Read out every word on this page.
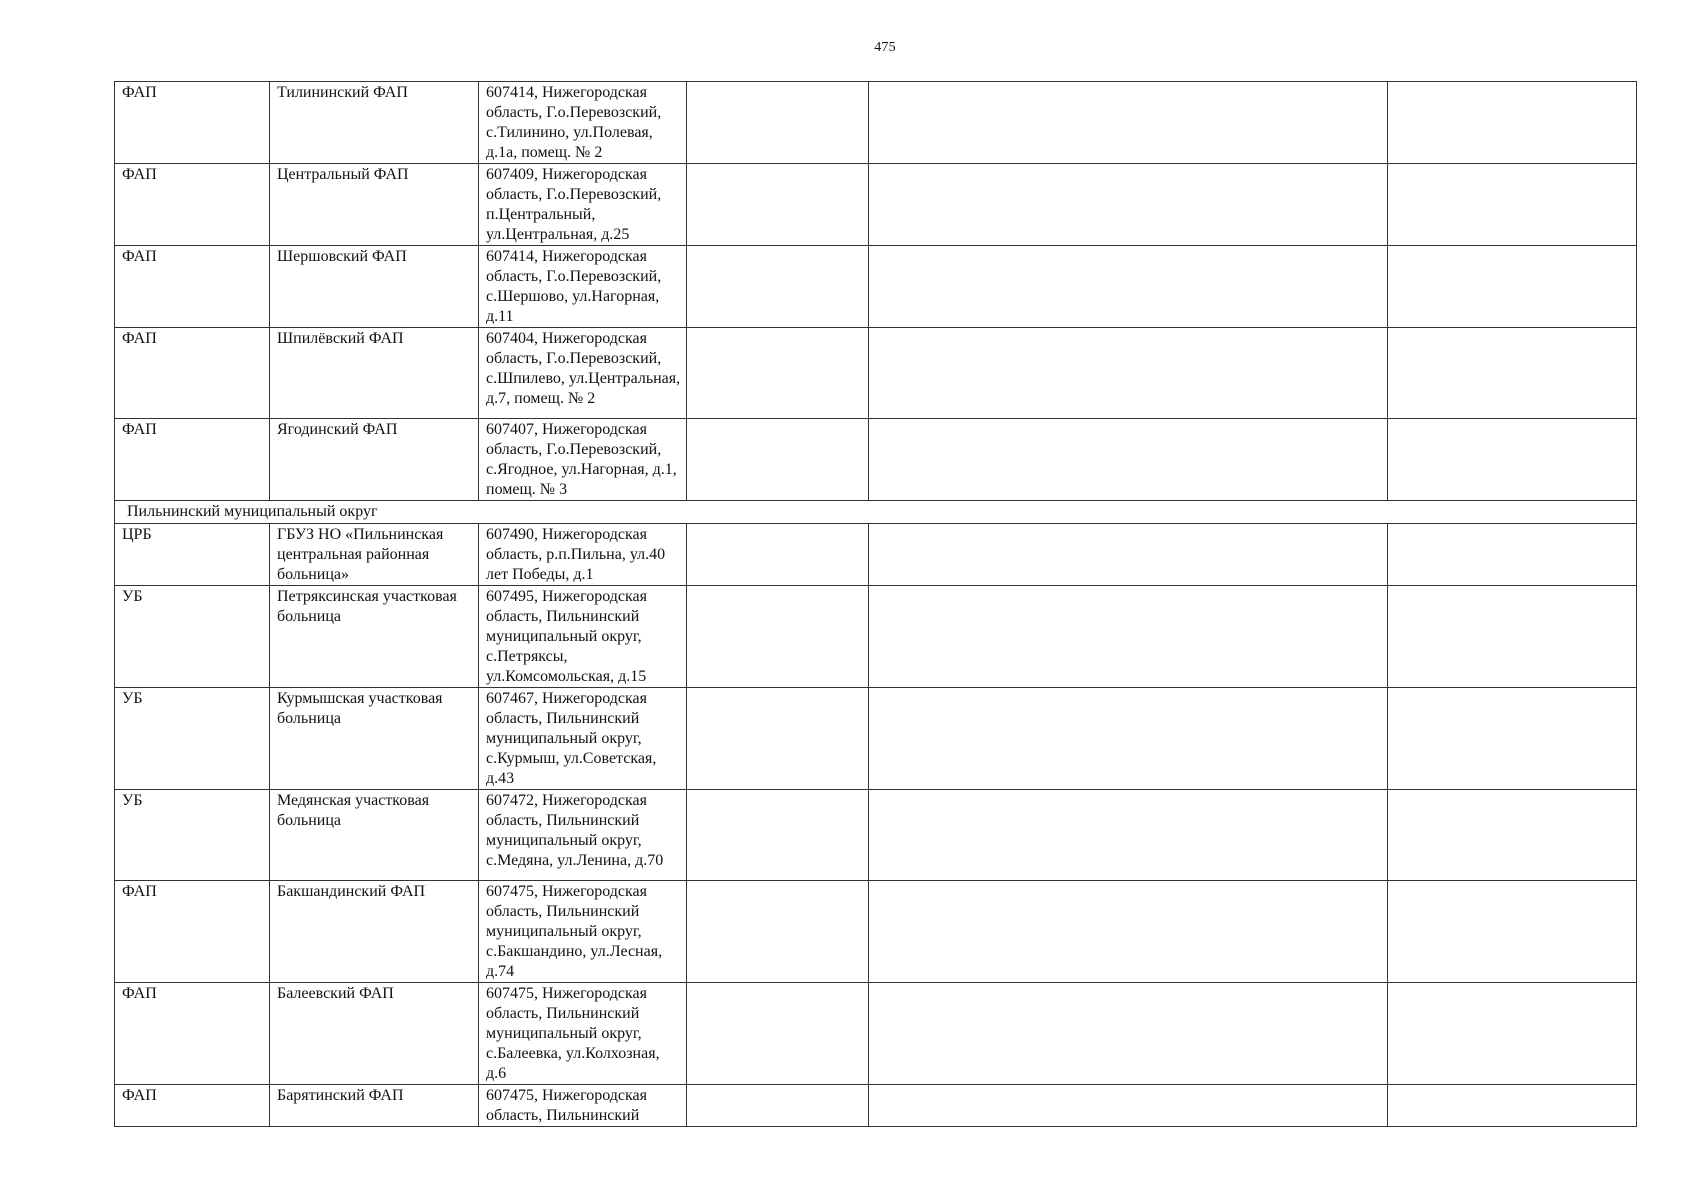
475
ФАП	Тилининский ФАП	607414, Нижегородская область, Г.о.Перевозский, с.Тилинино, ул.Полевая, д.1а, помещ. № 2			
ФАП	Центральный ФАП	607409, Нижегородская область, Г.о.Перевозский, п.Центральный, ул.Центральная, д.25			
ФАП	Шершовский ФАП	607414, Нижегородская область, Г.о.Перевозский, с.Шершово, ул.Нагорная, д.11			
ФАП	Шпилёвский ФАП	607404, Нижегородская область, Г.о.Перевозский, с.Шпилево, ул.Центральная, д.7, помещ. № 2			
ФАП	Ягодинский ФАП	607407, Нижегородская область, Г.о.Перевозский, с.Ягодное, ул.Нагорная, д.1, помещ. № 3			
Пильнинский муниципальный округ					
ЦРБ	ГБУЗ НО «Пильнинская центральная районная больница»	607490, Нижегородская область, р.п.Пильна, ул.40 лет Победы, д.1			
УБ	Петряксинская участковая больница	607495, Нижегородская область, Пильнинский муниципальный округ, с.Петряксы, ул.Комсомольская, д.15			
УБ	Курмышская участковая больница	607467, Нижегородская область, Пильнинский муниципальный округ, с.Курмыш, ул.Советская, д.43			
УБ	Медянская участковая больница	607472, Нижегородская область, Пильнинский муниципальный округ, с.Медяна, ул.Ленина, д.70			
ФАП	Бакшандинский ФАП	607475, Нижегородская область, Пильнинский муниципальный округ, с.Бакшандино, ул.Лесная, д.74			
ФАП	Балеевский ФАП	607475, Нижегородская область, Пильнинский муниципальный округ, с.Балеевка, ул.Колхозная, д.6			
ФАП	Барятинский ФАП	607475, Нижегородская область, Пильнинский			
